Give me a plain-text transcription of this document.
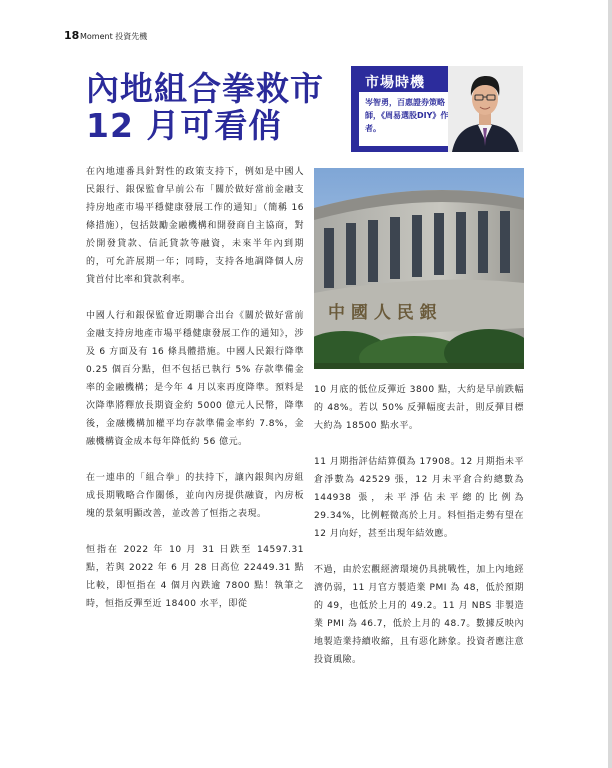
18 Moment 投資先機
內地組合拳救市
12 月可看俏
市場時機
岑智勇，百惠證券策略師，《周易選股DIY》作者。

在內地連番具針對性的政策支持下，例如是中國人民銀行、銀保監會早前公布「關於做好當前金融支持房地產市場平穩健康發展工作的通知」（簡稱 16 條措施），包括鼓勵金融機構和開發商自主協商，對於開發貸款、信託貸款等融資，未來半年內到期的，可允許展期一年；同時，支持各地調降個人房貸首付比率和貸款利率。

中國人行和銀保監會近期聯合出台《關於做好當前金融支持房地產市場平穩健康發展工作的通知》，涉及 6 方面及有 16 條具體措施。中國人民銀行降準 0.25 個百分點，但不包括已執行 5% 存款準備金率的金融機構；是今年 4 月以來再度降準。預料是次降準將釋放長期資金約 5000 億元人民幣，降準後，金融機構加權平均存款準備金率約 7.8%，金融機構資金成本每年降低約 56 億元。

在一連串的「組合拳」的扶持下，讓內銀與內房組成長期戰略合作關係，並向內房提供融資，內房板塊的景氣明顯改善，並改善了恒指之表現。

恒指在 2022 年 10 月 31 日跌至 14597.31 點，若與 2022 年 6 月 28 日高位 22449.31 點比較，即恒指在 4 個月內跌逾 7800 點！執筆之時，恒指反彈至近 18400 水平，即從

中 國 人 民 銀

10 月底的低位反彈近 3800 點，大約是早前跌幅的 48%。若以 50% 反彈幅度去計，則反彈目標大約為 18500 點水平。

11 月期指評估結算價為 17908。12 月期指未平倉淨數為 42529 張，12 月未平倉合約總數為 144938 張，未平淨佔未平總的比例為 29.34%，比例輕微高於上月。料恒指走勢有望在 12 月向好，甚至出現年結效應。

不過，由於宏觀經濟環境仍具挑戰性，加上內地經濟仍弱，11 月官方製造業 PMI 為 48，低於預期的 49，也低於上月的 49.2。11 月 NBS 非製造業 PMI 為 46.7，低於上月的 48.7。數據反映內地製造業持續收縮，且有惡化跡象。投資者應注意投資風險。
